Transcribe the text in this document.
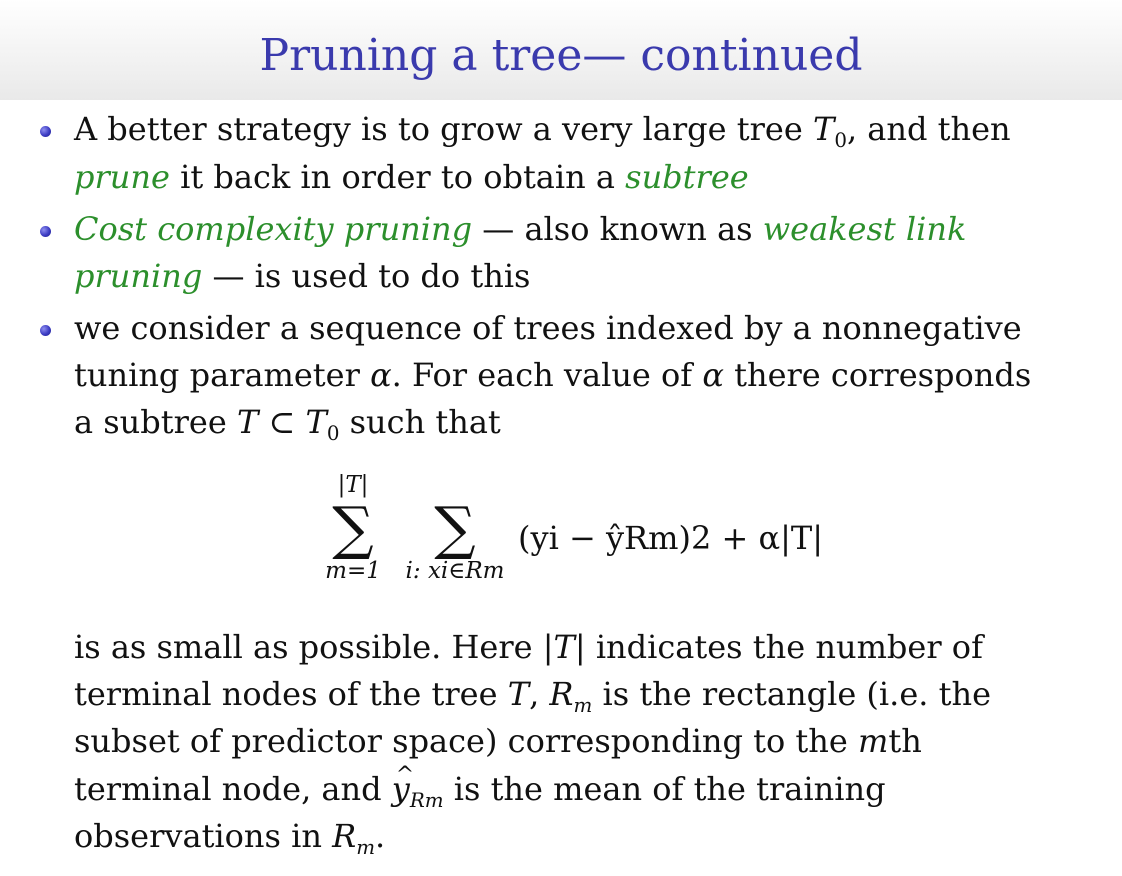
Pruning a tree— continued
A better strategy is to grow a very large tree $T_0$, and then
prune it back in order to obtain a subtree
Cost complexity pruning — also known as weakest link
pruning — is used to do this
we consider a sequence of trees indexed by a nonnegative
tuning parameter α. For each value of α there corresponds
a subtree T ⊂ $T_0$ such that
|T|
∑
m=1
∑
i: xi∈Rm
(yi − ŷRm)2 + α|T|
is as small as possible. Here |T| indicates the number of
terminal nodes of the tree T, $R_m$ is the rectangle (i.e. the
subset of predictor space) corresponding to the mth
terminal node, and ^ $y_{Rm}$ is the mean of the training
observations in $R_m$.
